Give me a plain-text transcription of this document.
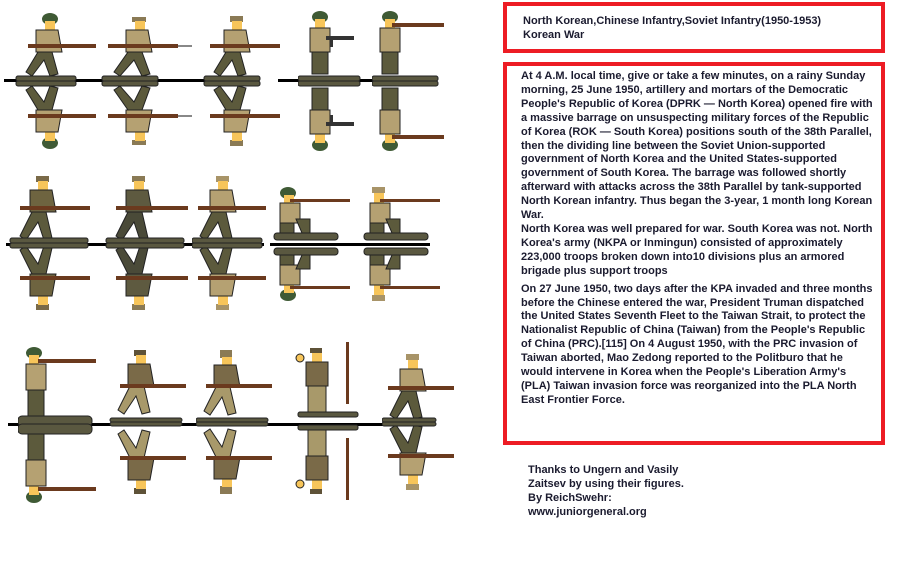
North Korean,Chinese Infantry,Soviet Infantry(1950-1953)
Korean War

At 4 A.M. local time, give or take a few minutes, on a rainy Sunday morning, 25 June 1950, artillery and mortars of the Democratic People's Republic of Korea (DPRK — North Korea) opened fire with a massive barrage on unsuspecting military forces of the Republic of Korea (ROK — South Korea) positions south of the 38th Parallel, then the dividing line between the Soviet Union-supported government of North Korea and the United States-supported government of South Korea. The barrage was followed shortly afterward with attacks across the 38th Parallel by tank-supported North Korean infantry. Thus began the 3-year, 1 month long Korean War.

North Korea was well prepared for war. South Korea was not. North Korea's army (NKPA or Inmingun) consisted of approximately 223,000 troops broken down into10 divisions plus an armored brigade plus support troops

On 27 June 1950, two days after the KPA invaded and three months before the Chinese entered the war, President Truman dispatched the United States Seventh Fleet to the Taiwan Strait, to protect the Nationalist Republic of China (Taiwan) from the People's Republic of China (PRC).[115] On 4 August 1950, with the PRC invasion of Taiwan aborted, Mao Zedong reported to the Politburo that he would intervene in Korea when the People's Liberation Army's (PLA) Taiwan invasion force was reorganized into the PLA North East Frontier Force.

Thanks to Ungern and Vasily
Zaitsev by using their figures.
By ReichSwehr:
www.juniorgeneral.org
